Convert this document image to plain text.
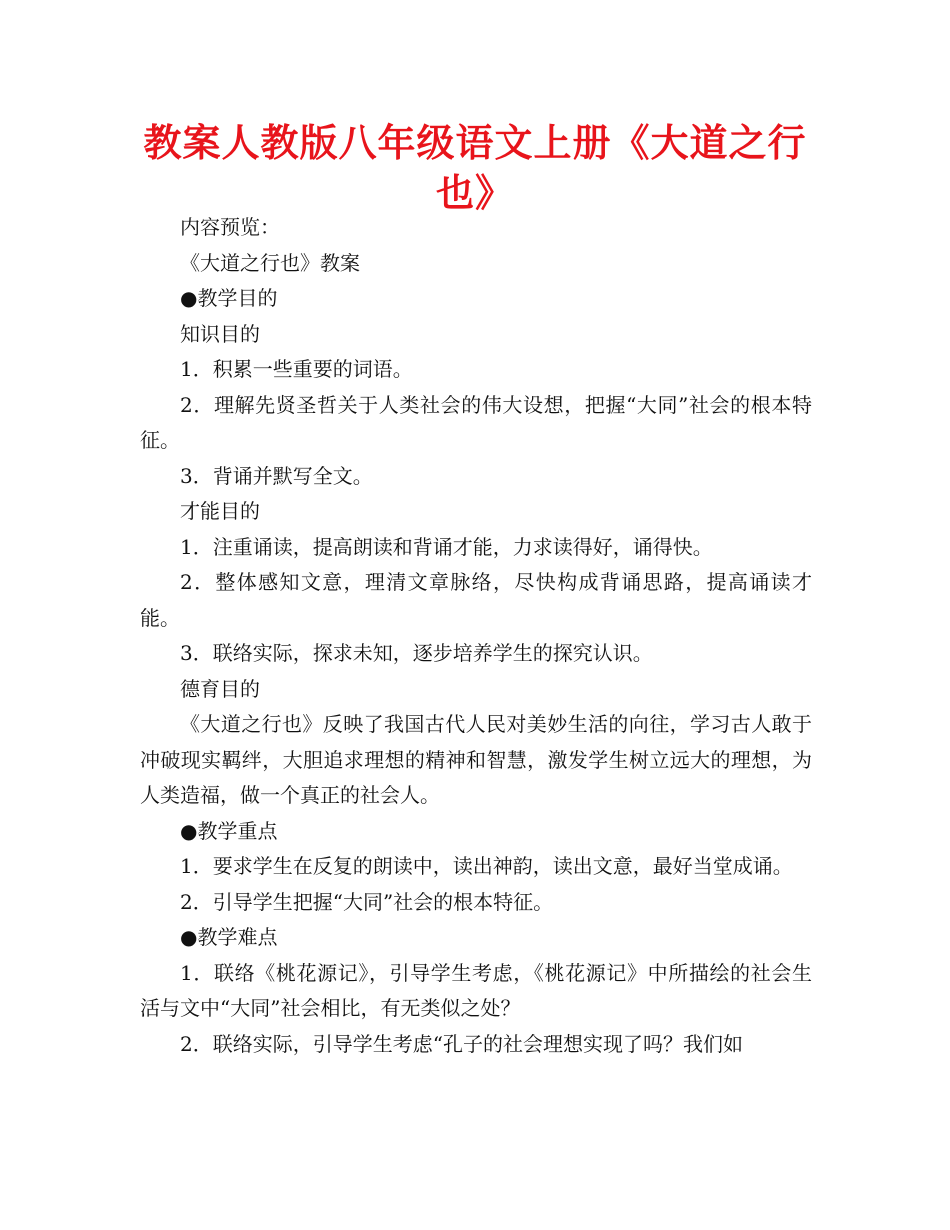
教案人教版八年级语文上册《大道之行
也》

内容预览：

《大道之行也》教案

●教学目的

知识目的

1．积累一些重要的词语。

2．理解先贤圣哲关于人类社会的伟大设想，把握“大同”社会的根本特征。

3．背诵并默写全文。

才能目的

1．注重诵读，提高朗读和背诵才能，力求读得好，诵得快。

2．整体感知文意，理清文章脉络，尽快构成背诵思路，提高诵读才能。

3．联络实际，探求未知，逐步培养学生的探究认识。

德育目的

《大道之行也》反映了我国古代人民对美妙生活的向往，学习古人敢于冲破现实羁绊，大胆追求理想的精神和智慧，激发学生树立远大的理想，为人类造福，做一个真正的社会人。

●教学重点

1．要求学生在反复的朗读中，读出神韵，读出文意，最好当堂成诵。

2．引导学生把握“大同”社会的根本特征。

●教学难点

1．联络《桃花源记》，引导学生考虑，《桃花源记》中所描绘的社会生活与文中“大同”社会相比，有无类似之处？

2．联络实际，引导学生考虑“孔子的社会理想实现了吗？我们如
